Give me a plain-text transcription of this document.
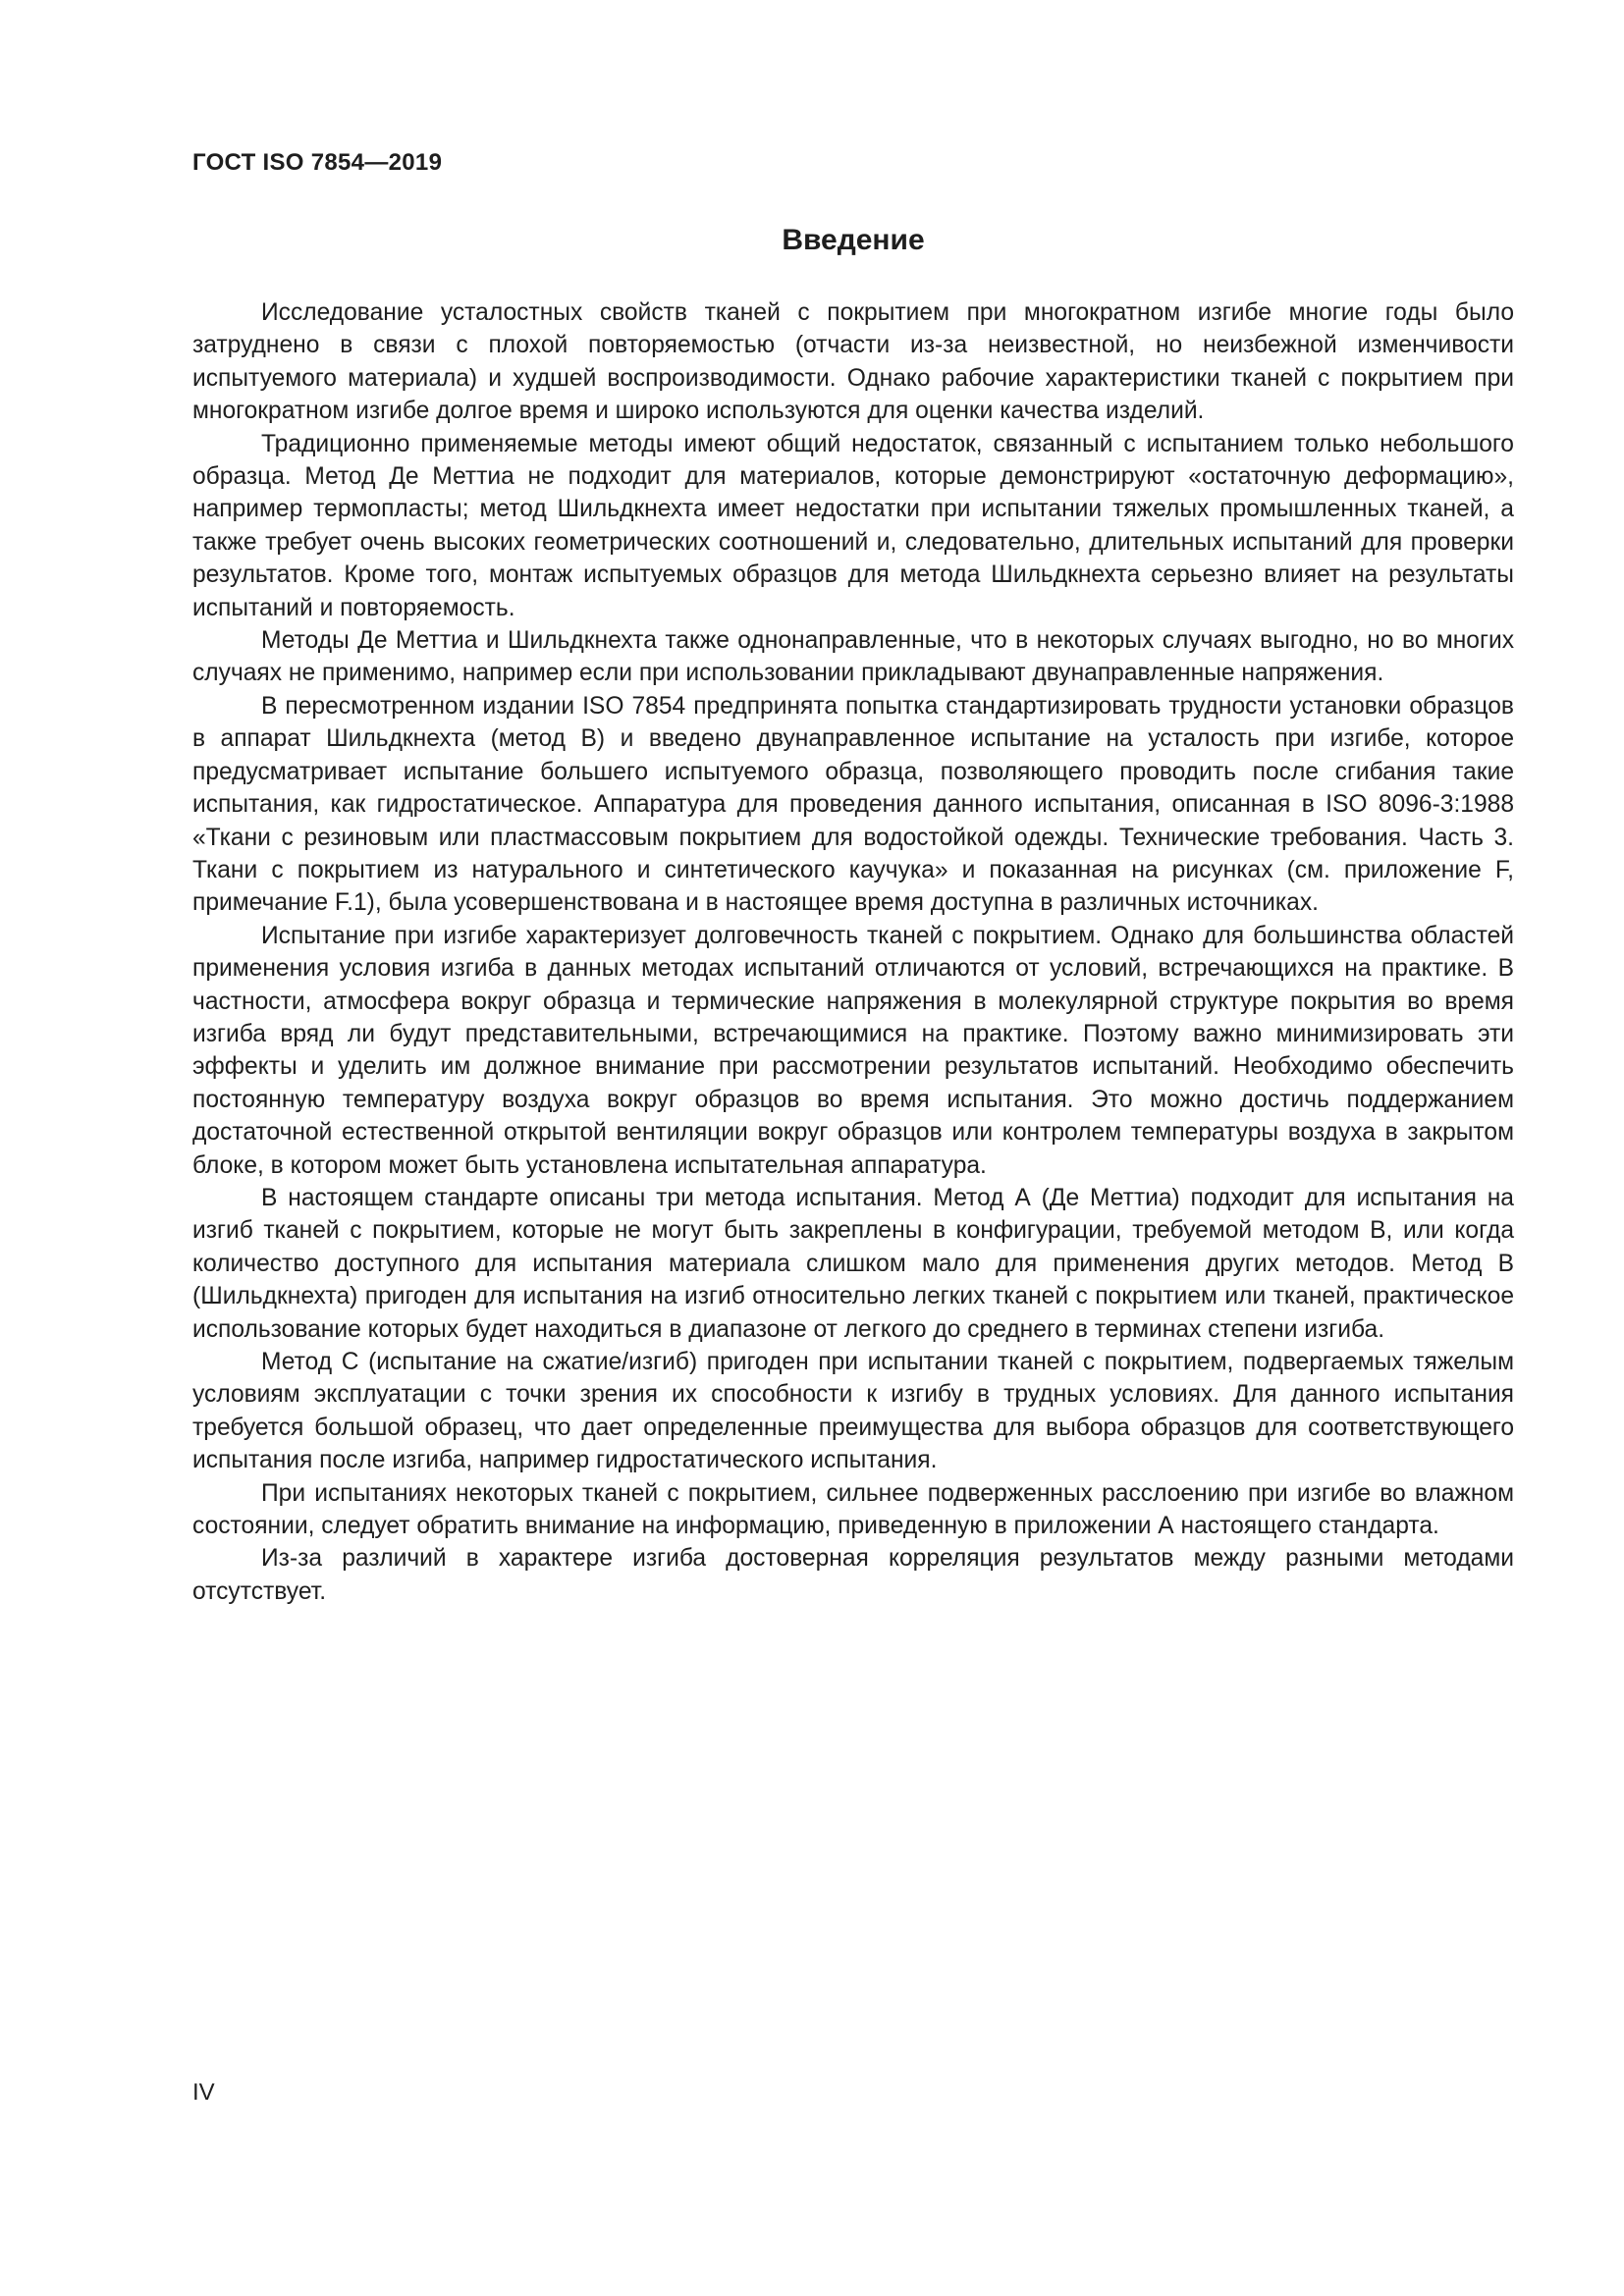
ГОСТ ISO 7854—2019
Введение

Исследование усталостных свойств тканей с покрытием при многократном изгибе многие годы было затруднено в связи с плохой повторяемостью (отчасти из-за неизвестной, но неизбежной изменчивости испытуемого материала) и худшей воспроизводимости. Однако рабочие характеристики тканей с покрытием при многократном изгибе долгое время и широко используются для оценки качества изделий.

Традиционно применяемые методы имеют общий недостаток, связанный с испытанием только небольшого образца. Метод Де Меттиа не подходит для материалов, которые демонстрируют «остаточную деформацию», например термопласты; метод Шильдкнехта имеет недостатки при испытании тяжелых промышленных тканей, а также требует очень высоких геометрических соотношений и, следовательно, длительных испытаний для проверки результатов. Кроме того, монтаж испытуемых образцов для метода Шильдкнехта серьезно влияет на результаты испытаний и повторяемость.

Методы Де Меттиа и Шильдкнехта также однонаправленные, что в некоторых случаях выгодно, но во многих случаях не применимо, например если при использовании прикладывают двунаправленные напряжения.

В пересмотренном издании ISO 7854 предпринята попытка стандартизировать трудности установки образцов в аппарат Шильдкнехта (метод В) и введено двунаправленное испытание на усталость при изгибе, которое предусматривает испытание большего испытуемого образца, позволяющего проводить после сгибания такие испытания, как гидростатическое. Аппаратура для проведения данного испытания, описанная в ISO 8096-3:1988 «Ткани с резиновым или пластмассовым покрытием для водостойкой одежды. Технические требования. Часть 3. Ткани с покрытием из натурального и синтетического каучука» и показанная на рисунках (см. приложение F, примечание F.1), была усовершенствована и в настоящее время доступна в различных источниках.

Испытание при изгибе характеризует долговечность тканей с покрытием. Однако для большинства областей применения условия изгиба в данных методах испытаний отличаются от условий, встречающихся на практике. В частности, атмосфера вокруг образца и термические напряжения в молекулярной структуре покрытия во время изгиба вряд ли будут представительными, встречающимися на практике. Поэтому важно минимизировать эти эффекты и уделить им должное внимание при рассмотрении результатов испытаний. Необходимо обеспечить постоянную температуру воздуха вокруг образцов во время испытания. Это можно достичь поддержанием достаточной естественной открытой вентиляции вокруг образцов или контролем температуры воздуха в закрытом блоке, в котором может быть установлена испытательная аппаратура.

В настоящем стандарте описаны три метода испытания. Метод А (Де Меттиа) подходит для испытания на изгиб тканей с покрытием, которые не могут быть закреплены в конфигурации, требуемой методом В, или когда количество доступного для испытания материала слишком мало для применения других методов. Метод В (Шильдкнехта) пригоден для испытания на изгиб относительно легких тканей с покрытием или тканей, практическое использование которых будет находиться в диапазоне от легкого до среднего в терминах степени изгиба.

Метод С (испытание на сжатие/изгиб) пригоден при испытании тканей с покрытием, подвергаемых тяжелым условиям эксплуатации с точки зрения их способности к изгибу в трудных условиях. Для данного испытания требуется большой образец, что дает определенные преимущества для выбора образцов для соответствующего испытания после изгиба, например гидростатического испытания.

При испытаниях некоторых тканей с покрытием, сильнее подверженных расслоению при изгибе во влажном состоянии, следует обратить внимание на информацию, приведенную в приложении А настоящего стандарта.

Из-за различий в характере изгиба достоверная корреляция результатов между разными методами отсутствует.

IV
